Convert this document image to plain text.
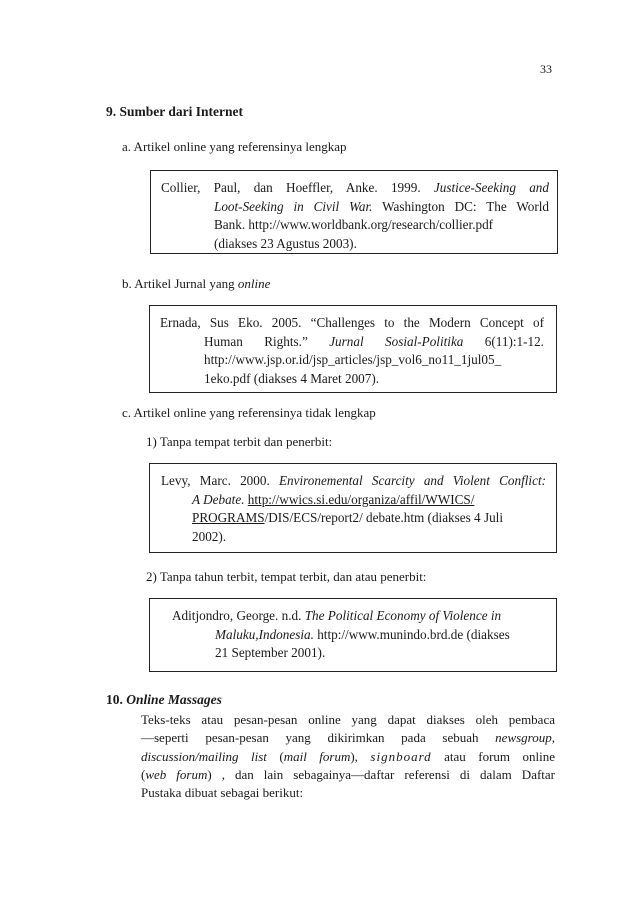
33
9. Sumber dari Internet
a. Artikel online yang referensinya lengkap
Collier, Paul, dan Hoeffler, Anke. 1999. Justice-Seeking and
Loot-Seeking in Civil War. Washington DC: The World
Bank. http://www.worldbank.org/research/collier.pdf
(diakses 23 Agustus 2003).
b. Artikel Jurnal yang online
Ernada, Sus Eko. 2005. “Challenges to the Modern Concept of
Human Rights.” Jurnal Sosial-Politika 6(11):1-12.
http://www.jsp.or.id/jsp_articles/jsp_vol6_no11_1jul05_
1eko.pdf (diakses 4 Maret 2007).
c. Artikel online yang referensinya tidak lengkap
1) Tanpa tempat terbit dan penerbit:
Levy, Marc. 2000. Environemental Scarcity and Violent Conflict:
A Debate. http://wwics.si.edu/organiza/affil/WWICS/
PROGRAMS/DIS/ECS/report2/ debate.htm (diakses 4 Juli
2002).
2) Tanpa tahun terbit, tempat terbit, dan atau penerbit:
Aditjondro, George. n.d. The Political Economy of Violence in
Maluku,Indonesia. http://www.munindo.brd.de (diakses
21 September 2001).
10. Online Massages
Teks-teks atau pesan-pesan online yang dapat diakses oleh pembaca
—seperti pesan-pesan yang dikirimkan pada sebuah newsgroup,
discussion/mailing list (mail forum), signboard atau forum online
(web forum) , dan lain sebagainya—daftar referensi di dalam Daftar
Pustaka dibuat sebagai berikut:
